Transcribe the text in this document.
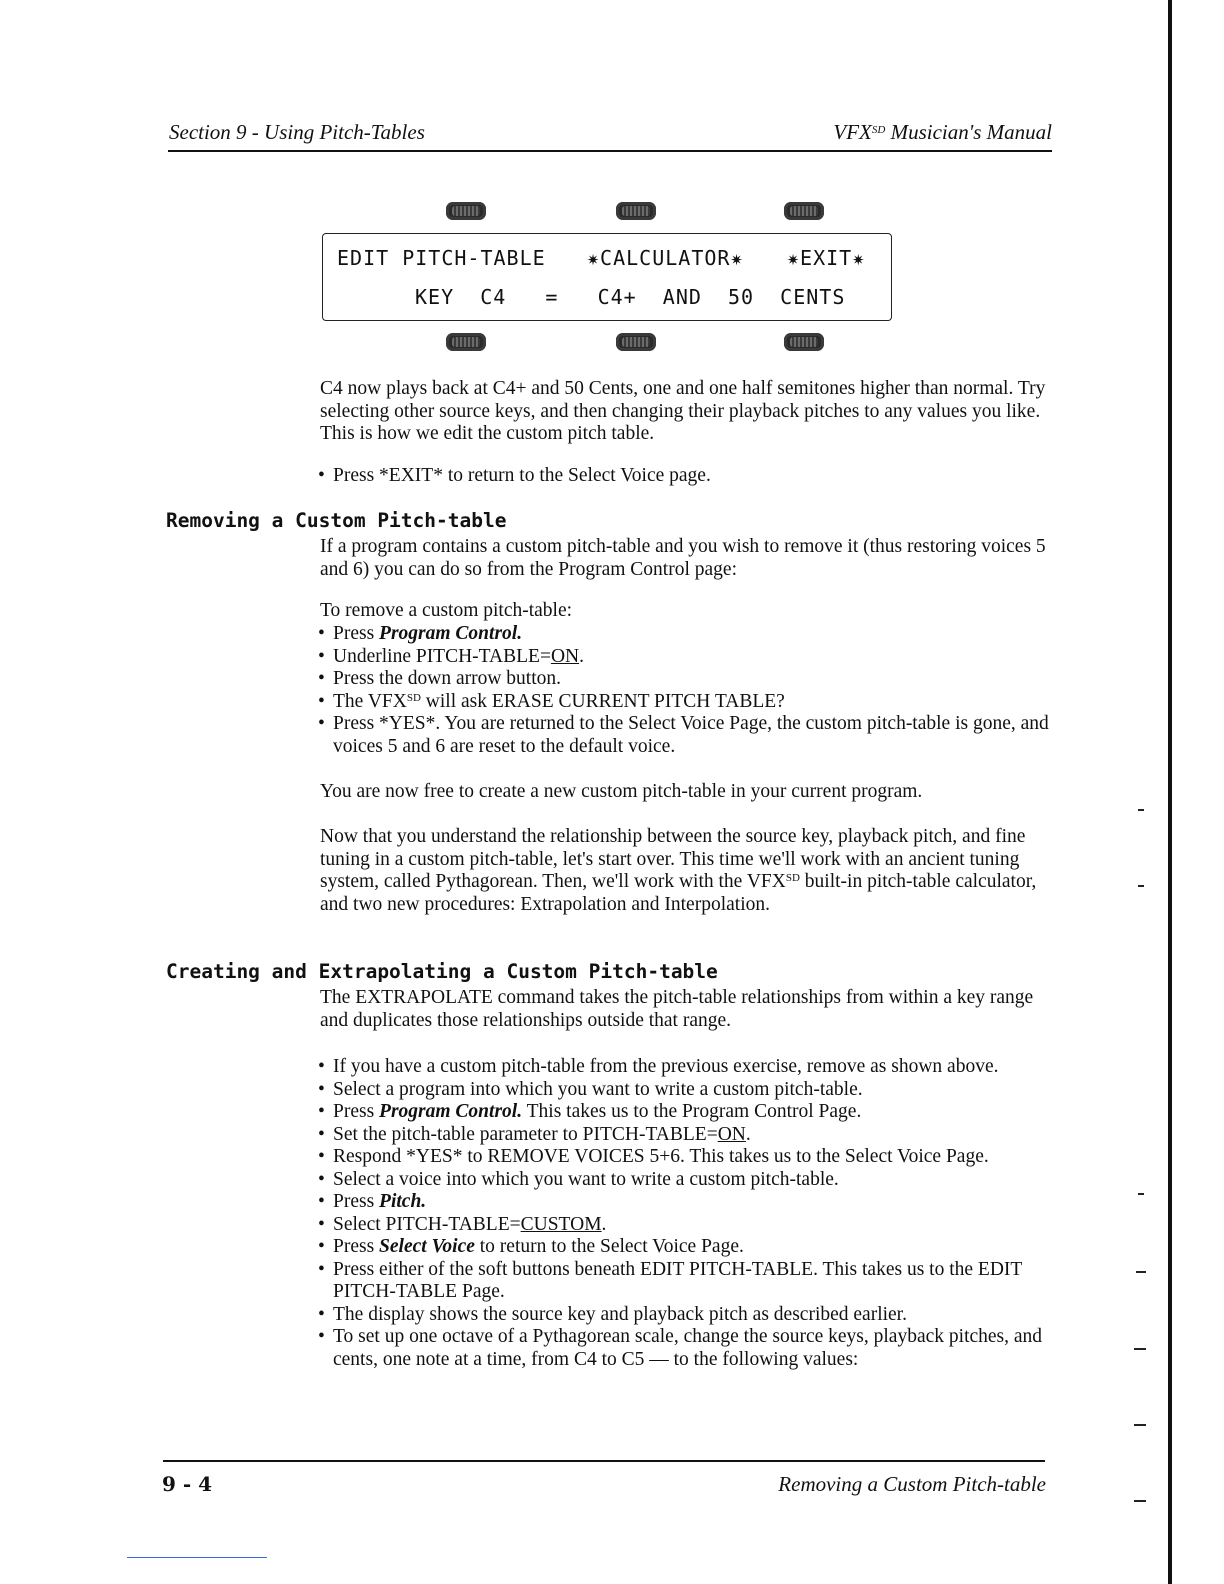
Section 9 - Using Pitch-Tables	$VFX^{SD}$ Musician's Manual
EDIT PITCH-TABLE ✷CALCULATOR✷ ✷EXIT✷
KEY  C4   =   C4+  AND  50  CENTS

C4 now plays back at C4+ and 50 Cents, one and one half semitones higher than normal. Try selecting other source keys, and then changing their playback pitches to any values you like. This is how we edit the custom pitch table.

• Press *EXIT* to return to the Select Voice page.
Removing a Custom Pitch-table

If a program contains a custom pitch-table and you wish to remove it (thus restoring voices 5 and 6) you can do so from the Program Control page:

To remove a custom pitch-table:

• Press Program Control.
• Underline PITCH-TABLE=ON.
• Press the down arrow button.
• The $VFX^{SD}$ will ask ERASE CURRENT PITCH TABLE?
• Press *YES*. You are returned to the Select Voice Page, the custom pitch-table is gone, and voices 5 and 6 are reset to the default voice.

You are now free to create a new custom pitch-table in your current program.

Now that you understand the relationship between the source key, playback pitch, and fine tuning in a custom pitch-table, let's start over. This time we'll work with an ancient tuning system, called Pythagorean. Then, we'll work with the $VFX^{SD}$ built-in pitch-table calculator, and two new procedures: Extrapolation and Interpolation.

Creating and Extrapolating a Custom Pitch-table

The EXTRAPOLATE command takes the pitch-table relationships from within a key range and duplicates those relationships outside that range.

• If you have a custom pitch-table from the previous exercise, remove as shown above.
• Select a program into which you want to write a custom pitch-table.
• Press Program Control. This takes us to the Program Control Page.
• Set the pitch-table parameter to PITCH-TABLE=ON.
• Respond *YES* to REMOVE VOICES 5+6. This takes us to the Select Voice Page.
• Select a voice into which you want to write a custom pitch-table.
• Press Pitch.
• Select PITCH-TABLE=CUSTOM.
• Press Select Voice to return to the Select Voice Page.
• Press either of the soft buttons beneath EDIT PITCH-TABLE. This takes us to the EDIT PITCH-TABLE Page.
• The display shows the source key and playback pitch as described earlier.
• To set up one octave of a Pythagorean scale, change the source keys, playback pitches, and cents, one note at a time, from C4 to C5 — to the following values:
9 - 4	Removing a Custom Pitch-table
